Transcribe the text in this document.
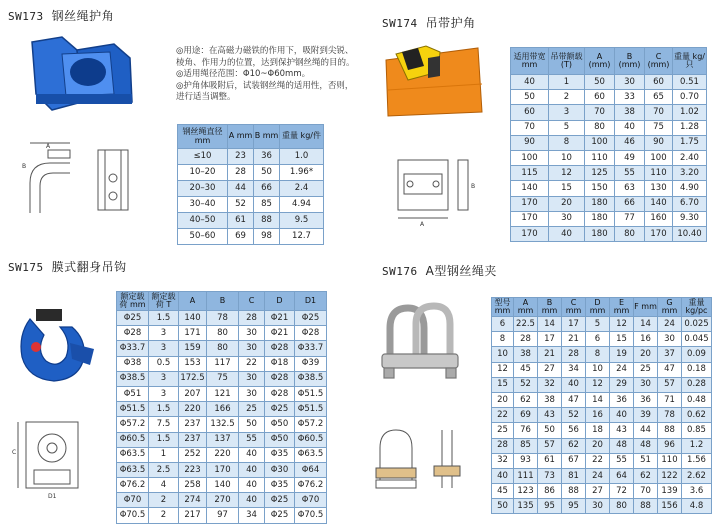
SW173 钢丝绳护角
A
B
◎用途：在高磁力磁铁的作用下，吸附到尖锐、棱角、作用力的位置，达到保护钢丝绳的目的。
◎适用绳径范围：Φ10~Φ60mm。
◎护角体吸附后，试装钢丝绳的适用性，否则，进行适当调整。
钢丝绳直径 mm	A mm	B mm	重量 kg/件
≤10	23	36	1.0
10–20	28	50	1.96*
20–30	44	66	2.4
30–40	52	85	4.94
40–50	61	88	9.5
50–60	69	98	12.7
SW174 吊带护角
A
B
适用带宽 mm	吊带额载 (T)	A (mm)	B (mm)	C (mm)	重量 kg/只
40	1	50	30	60	0.51
50	2	60	33	65	0.70
60	3	70	38	70	1.02
70	5	80	40	75	1.28
90	8	100	46	90	1.75
100	10	110	49	100	2.40
115	12	125	55	110	3.20
140	15	150	63	130	4.90
170	20	180	66	140	6.70
170	30	180	77	160	9.30
170	40	180	80	170	10.40
SW175 膜式翻身吊钩
C
D1
额定载荷 mm	额定载荷 T	A	B	C	D	D1
Φ25	1.5	140	78	28	Φ21	Φ25
Φ28	3	171	80	30	Φ21	Φ28
Φ33.7	3	159	80	30	Φ28	Φ33.7
Φ38	0.5	153	117	22	Φ18	Φ39
Φ38.5	3	172.5	75	30	Φ28	Φ38.5
Φ51	3	207	121	30	Φ28	Φ51.5
Φ51.5	1.5	220	166	25	Φ25	Φ51.5
Φ57.2	7.5	237	132.5	50	Φ50	Φ57.2
Φ60.5	1.5	237	137	55	Φ50	Φ60.5
Φ63.5	1	252	220	40	Φ35	Φ63.5
Φ63.5	2.5	223	170	40	Φ30	Φ64
Φ76.2	4	258	140	40	Φ35	Φ76.2
Φ70	2	274	270	40	Φ25	Φ70
Φ70.5	2	217	97	34	Φ25	Φ70.5
SW176 A型钢丝绳夹
型号 mm	A mm	B mm	C mm	D mm	E mm	F mm	G mm	重量 kg/pc
6	22.5	14	17	5	12	14	24	0.025
8	28	17	21	6	15	16	30	0.045
10	38	21	28	8	19	20	37	0.09
12	45	27	34	10	24	25	47	0.18
15	52	32	40	12	29	30	57	0.28
20	62	38	47	14	36	36	71	0.48
22	69	43	52	16	40	39	78	0.62
25	76	50	56	18	43	44	88	0.85
28	85	57	62	20	48	48	96	1.2
32	93	61	67	22	55	51	110	1.56
40	111	73	81	24	64	62	122	2.62
45	123	86	88	27	72	70	139	3.6
50	135	95	95	30	80	88	156	4.8
